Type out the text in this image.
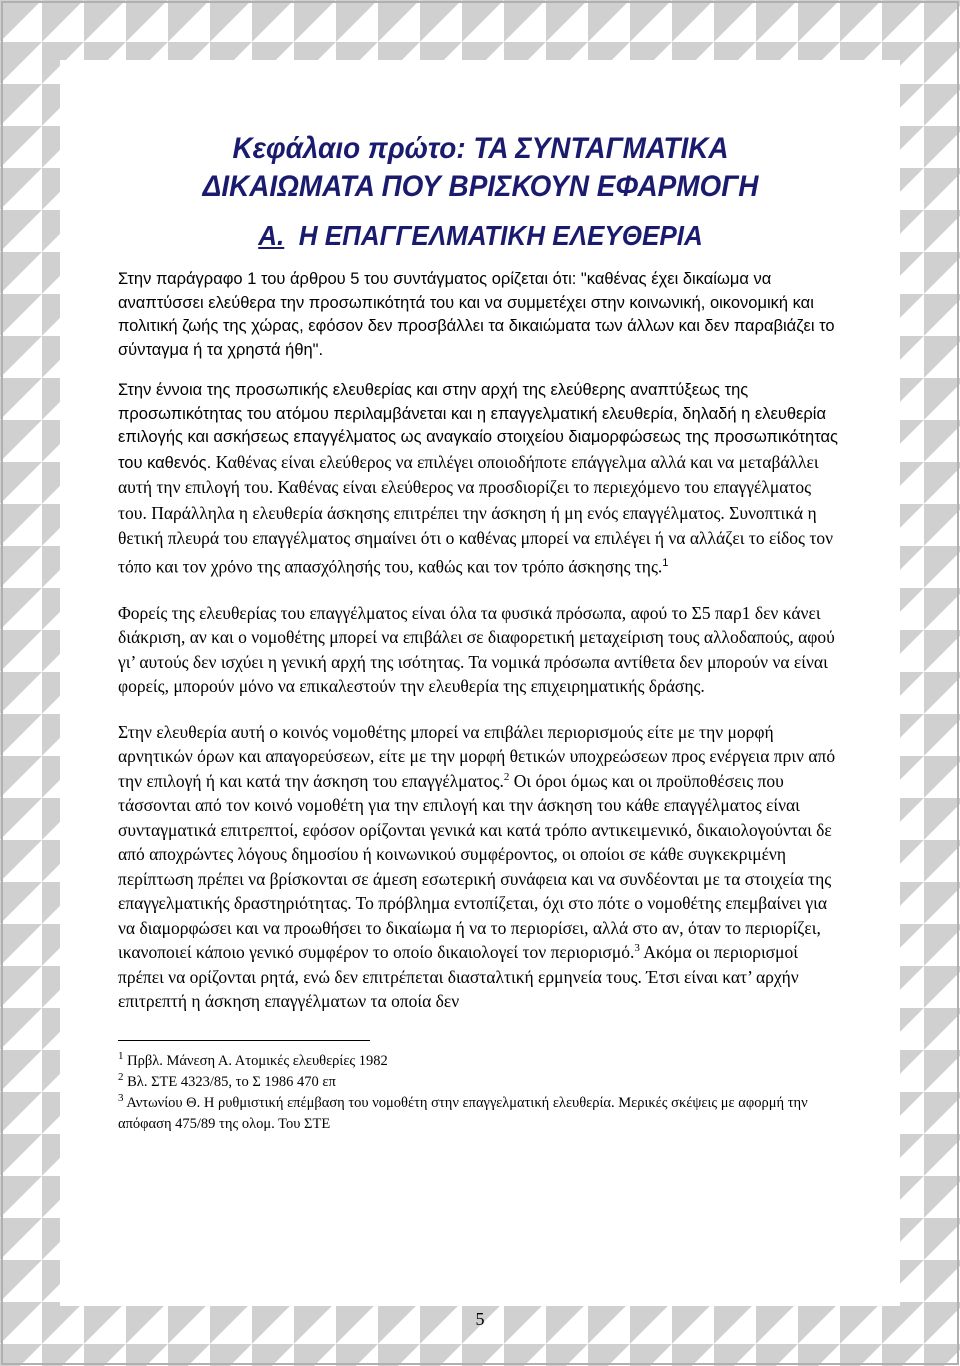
Κεφάλαιο πρώτο: ΤΑ ΣΥΝΤΑΓΜΑΤΙΚΑ
ΔΙΚΑΙΩΜΑΤΑ ΠΟΥ ΒΡΙΣΚΟΥΝ ΕΦΑΡΜΟΓΗ
Α. Η ΕΠΑΓΓΕΛΜΑΤΙΚΗ ΕΛΕΥΘΕΡΙΑ

Στην παράγραφο 1 του άρθρου 5 του συντάγματος ορίζεται ότι: "καθένας έχει δικαίωμα να αναπτύσσει ελεύθερα την προσωπικότητά του και να συμμετέχει στην κοινωνική, οικονομική και πολιτική ζωής της χώρας, εφόσον δεν προσβάλλει τα δικαιώματα των άλλων και δεν παραβιάζει το σύνταγμα ή τα χρηστά ήθη".

Στην έννοια της προσωπικής ελευθερίας και στην αρχή της ελεύθερης αναπτύξεως της προσωπικότητας του ατόμου περιλαμβάνεται και η επαγγελματική ελευθερία, δηλαδή η ελευθερία επιλογής και ασκήσεως επαγγέλματος ως αναγκαίο στοιχείου διαμορφώσεως της προσωπικότητας του καθενός. Καθένας είναι ελεύθερος να επιλέγει οποιοδήποτε επάγγελμα αλλά και να μεταβάλλει αυτή την επιλογή του. Καθένας είναι ελεύθερος να προσδιορίζει το περιεχόμενο του επαγγέλματος του. Παράλληλα η ελευθερία άσκησης επιτρέπει την άσκηση ή μη ενός επαγγέλματος. Συνοπτικά η θετική πλευρά του επαγγέλματος σημαίνει ότι ο καθένας μπορεί να επιλέγει ή να αλλάζει το είδος τον τόπο και τον χρόνο της απασχόλησής του, καθώς και τον τρόπο άσκησης της.$^1$

Φορείς της ελευθερίας του επαγγέλματος είναι όλα τα φυσικά πρόσωπα, αφού το Σ5 παρ1 δεν κάνει διάκριση, αν και ο νομοθέτης μπορεί να επιβάλει σε διαφορετική μεταχείριση τους αλλοδαπούς, αφού γι’ αυτούς δεν ισχύει η γενική αρχή της ισότητας. Τα νομικά πρόσωπα αντίθετα δεν μπορούν να είναι φορείς, μπορούν μόνο να επικαλεστούν την ελευθερία της επιχειρηματικής δράσης.

Στην ελευθερία αυτή ο κοινός νομοθέτης μπορεί να επιβάλει περιορισμούς είτε με την μορφή αρνητικών όρων και απαγορεύσεων, είτε με την μορφή θετικών υποχρεώσεων προς ενέργεια πριν από την επιλογή ή και κατά την άσκηση του επαγγέλματος.$^2$ Οι όροι όμως και οι προϋποθέσεις που τάσσονται από τον κοινό νομοθέτη για την επιλογή και την άσκηση του κάθε επαγγέλματος είναι συνταγματικά επιτρεπτοί, εφόσον ορίζονται γενικά και κατά τρόπο αντικειμενικό, δικαιολογούνται δε από αποχρώντες λόγους δημοσίου ή κοινωνικού συμφέροντος, οι οποίοι σε κάθε συγκεκριμένη περίπτωση πρέπει να βρίσκονται σε άμεση εσωτερική συνάφεια και να συνδέονται με τα στοιχεία της επαγγελματικής δραστηριότητας. Το πρόβλημα εντοπίζεται, όχι στο πότε ο νομοθέτης επεμβαίνει για να διαμορφώσει και να προωθήσει το δικαίωμα ή να το περιορίσει, αλλά στο αν, όταν το περιορίζει, ικανοποιεί κάποιο γενικό συμφέρον το οποίο δικαιολογεί τον περιορισμό.$^3$ Ακόμα οι περιορισμοί πρέπει να ορίζονται ρητά, ενώ δεν επιτρέπεται διασταλτική ερμηνεία τους. Έτσι είναι κατ’ αρχήν επιτρεπτή η άσκηση επαγγέλματων τα οποία δεν

$^1$ Πρβλ. Μάνεση Α. Ατομικές ελευθερίες 1982

$^2$ Βλ. ΣΤΕ 4323/85, το Σ 1986 470 επ

$^3$ Αντωνίου Θ. Η ρυθμιστική επέμβαση του νομοθέτη στην επαγγελματική ελευθερία. Μερικές σκέψεις με αφορμή την απόφαση 475/89 της ολομ. Του ΣΤΕ

5
